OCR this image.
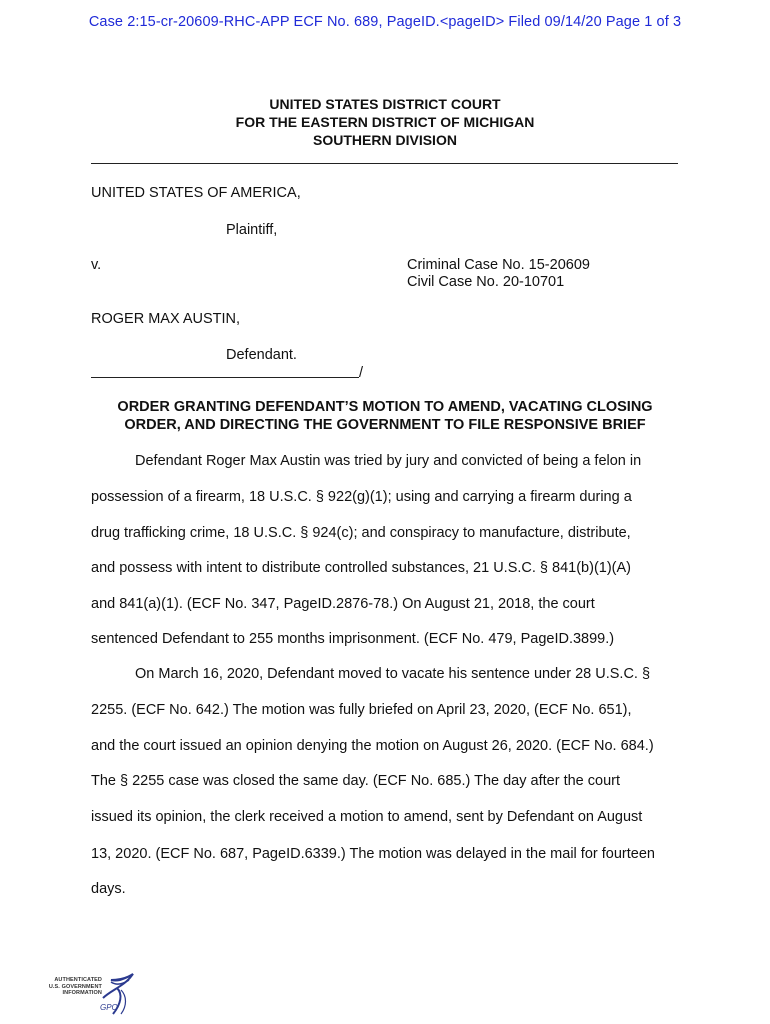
Case 2:15-cr-20609-RHC-APP ECF No. 689, PageID.<pageID> Filed 09/14/20 Page 1 of 3
UNITED STATES DISTRICT COURT
FOR THE EASTERN DISTRICT OF MICHIGAN
SOUTHERN DIVISION
UNITED STATES OF AMERICA,
Plaintiff,
v.	Criminal Case No. 15-20609
Civil Case No. 20-10701
ROGER MAX AUSTIN,
Defendant.
/
ORDER GRANTING DEFENDANT’S MOTION TO AMEND, VACATING CLOSING
ORDER, AND DIRECTING THE GOVERNMENT TO FILE RESPONSIVE BRIEF
Defendant Roger Max Austin was tried by jury and convicted of being a felon in
possession of a firearm, 18 U.S.C. § 922(g)(1); using and carrying a firearm during a
drug trafficking crime, 18 U.S.C. § 924(c); and conspiracy to manufacture, distribute,
and possess with intent to distribute controlled substances, 21 U.S.C. § 841(b)(1)(A)
and 841(a)(1). (ECF No. 347, PageID.2876-78.) On August 21, 2018, the court
sentenced Defendant to 255 months imprisonment. (ECF No. 479, PageID.3899.)
On March 16, 2020, Defendant moved to vacate his sentence under 28 U.S.C. §
2255. (ECF No. 642.) The motion was fully briefed on April 23, 2020, (ECF No. 651),
and the court issued an opinion denying the motion on August 26, 2020. (ECF No. 684.)
The § 2255 case was closed the same day. (ECF No. 685.) The day after the court
issued its opinion, the clerk received a motion to amend, sent by Defendant on August
13, 2020. (ECF No. 687, PageID.6339.) The motion was delayed in the mail for fourteen
days.
AUTHENTICATED
U.S. GOVERNMENT
INFORMATION
GPO
